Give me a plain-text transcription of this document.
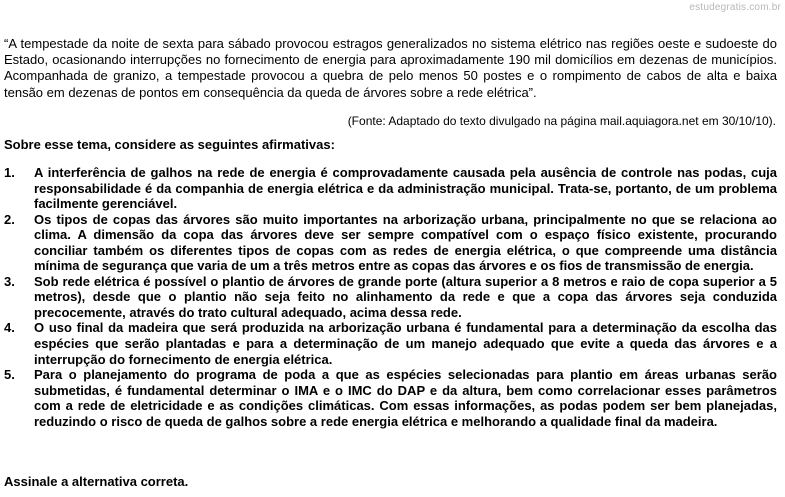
estudegratis.com.br
“A tempestade da noite de sexta para sábado provocou estragos generalizados no sistema elétrico nas regiões oeste e sudoeste do Estado, ocasionando interrupções no fornecimento de energia para aproximadamente 190 mil domicílios em dezenas de municípios. Acompanhada de granizo, a tempestade provocou a quebra de pelo menos 50 postes e o rompimento de cabos de alta e baixa tensão em dezenas de pontos em consequência da queda de árvores sobre a rede elétrica”.
(Fonte: Adaptado do texto divulgado na página mail.aquiagora.net em 30/10/10).
Sobre esse tema, considere as seguintes afirmativas:
1.	A interferência de galhos na rede de energia é comprovadamente causada pela ausência de controle nas podas, cuja responsabilidade é da companhia de energia elétrica e da administração municipal. Trata-se, portanto, de um problema facilmente gerenciável.
2.	Os tipos de copas das árvores são muito importantes na arborização urbana, principalmente no que se relaciona ao clima. A dimensão da copa das árvores deve ser sempre compatível com o espaço físico existente, procurando conciliar também os diferentes tipos de copas com as redes de energia elétrica, o que compreende uma distância mínima de segurança que varia de um a três metros entre as copas das árvores e os fios de transmissão de energia.
3.	Sob rede elétrica é possível o plantio de árvores de grande porte (altura superior a 8 metros e raio de copa superior a 5 metros), desde que o plantio não seja feito no alinhamento da rede e que a copa das árvores seja conduzida precocemente, através do trato cultural adequado, acima dessa rede.
4.	O uso final da madeira que será produzida na arborização urbana é fundamental para a determinação da escolha das espécies que serão plantadas e para a determinação de um manejo adequado que evite a queda das árvores e a interrupção do fornecimento de energia elétrica.
5.	Para o planejamento do programa de poda a que as espécies selecionadas para plantio em áreas urbanas serão submetidas, é fundamental determinar o IMA e o IMC do DAP e da altura, bem como correlacionar esses parâmetros com a rede de eletricidade e as condições climáticas. Com essas informações, as podas podem ser bem planejadas, reduzindo o risco de queda de galhos sobre a rede energia elétrica e melhorando a qualidade final da madeira.
Assinale a alternativa correta.
